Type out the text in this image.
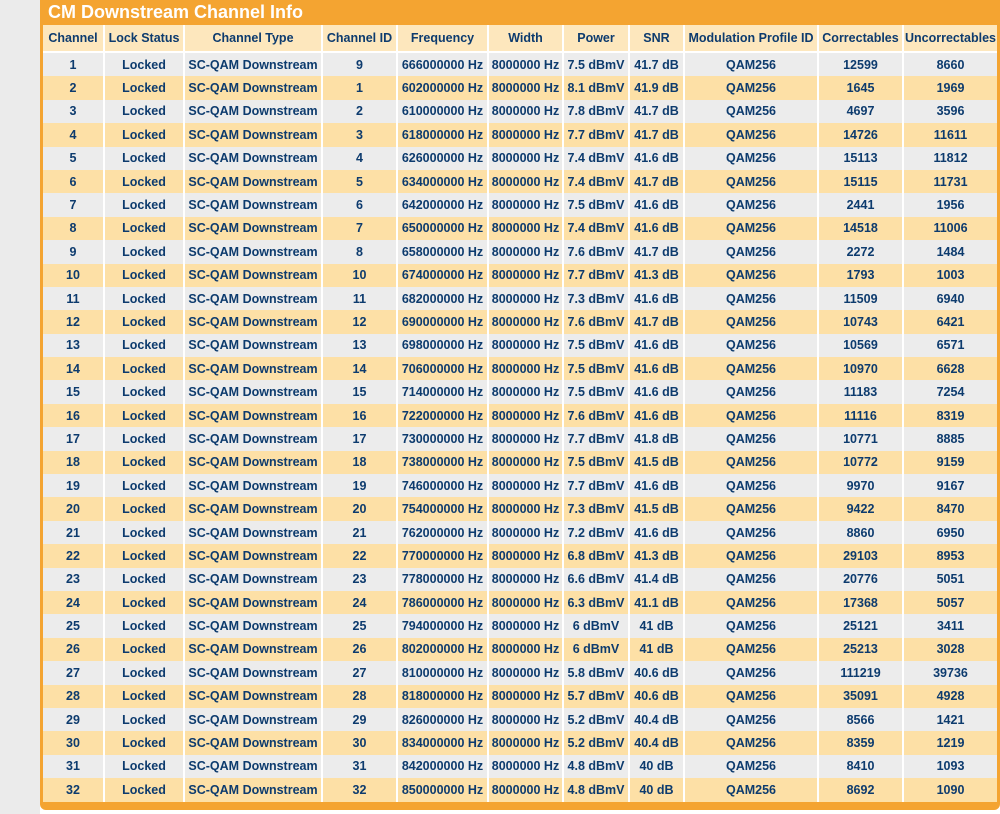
CM Downstream Channel Info
Channel	Lock Status	Channel Type	Channel ID	Frequency	Width	Power	SNR	Modulation Profile ID	Correctables	Uncorrectables
1	Locked	SC-QAM Downstream	9	666000000 Hz	8000000 Hz	7.5 dBmV	41.7 dB	QAM256	12599	8660
2	Locked	SC-QAM Downstream	1	602000000 Hz	8000000 Hz	8.1 dBmV	41.9 dB	QAM256	1645	1969
3	Locked	SC-QAM Downstream	2	610000000 Hz	8000000 Hz	7.8 dBmV	41.7 dB	QAM256	4697	3596
4	Locked	SC-QAM Downstream	3	618000000 Hz	8000000 Hz	7.7 dBmV	41.7 dB	QAM256	14726	11611
5	Locked	SC-QAM Downstream	4	626000000 Hz	8000000 Hz	7.4 dBmV	41.6 dB	QAM256	15113	11812
6	Locked	SC-QAM Downstream	5	634000000 Hz	8000000 Hz	7.4 dBmV	41.7 dB	QAM256	15115	11731
7	Locked	SC-QAM Downstream	6	642000000 Hz	8000000 Hz	7.5 dBmV	41.6 dB	QAM256	2441	1956
8	Locked	SC-QAM Downstream	7	650000000 Hz	8000000 Hz	7.4 dBmV	41.6 dB	QAM256	14518	11006
9	Locked	SC-QAM Downstream	8	658000000 Hz	8000000 Hz	7.6 dBmV	41.7 dB	QAM256	2272	1484
10	Locked	SC-QAM Downstream	10	674000000 Hz	8000000 Hz	7.7 dBmV	41.3 dB	QAM256	1793	1003
11	Locked	SC-QAM Downstream	11	682000000 Hz	8000000 Hz	7.3 dBmV	41.6 dB	QAM256	11509	6940
12	Locked	SC-QAM Downstream	12	690000000 Hz	8000000 Hz	7.6 dBmV	41.7 dB	QAM256	10743	6421
13	Locked	SC-QAM Downstream	13	698000000 Hz	8000000 Hz	7.5 dBmV	41.6 dB	QAM256	10569	6571
14	Locked	SC-QAM Downstream	14	706000000 Hz	8000000 Hz	7.5 dBmV	41.6 dB	QAM256	10970	6628
15	Locked	SC-QAM Downstream	15	714000000 Hz	8000000 Hz	7.5 dBmV	41.6 dB	QAM256	11183	7254
16	Locked	SC-QAM Downstream	16	722000000 Hz	8000000 Hz	7.6 dBmV	41.6 dB	QAM256	11116	8319
17	Locked	SC-QAM Downstream	17	730000000 Hz	8000000 Hz	7.7 dBmV	41.8 dB	QAM256	10771	8885
18	Locked	SC-QAM Downstream	18	738000000 Hz	8000000 Hz	7.5 dBmV	41.5 dB	QAM256	10772	9159
19	Locked	SC-QAM Downstream	19	746000000 Hz	8000000 Hz	7.7 dBmV	41.6 dB	QAM256	9970	9167
20	Locked	SC-QAM Downstream	20	754000000 Hz	8000000 Hz	7.3 dBmV	41.5 dB	QAM256	9422	8470
21	Locked	SC-QAM Downstream	21	762000000 Hz	8000000 Hz	7.2 dBmV	41.6 dB	QAM256	8860	6950
22	Locked	SC-QAM Downstream	22	770000000 Hz	8000000 Hz	6.8 dBmV	41.3 dB	QAM256	29103	8953
23	Locked	SC-QAM Downstream	23	778000000 Hz	8000000 Hz	6.6 dBmV	41.4 dB	QAM256	20776	5051
24	Locked	SC-QAM Downstream	24	786000000 Hz	8000000 Hz	6.3 dBmV	41.1 dB	QAM256	17368	5057
25	Locked	SC-QAM Downstream	25	794000000 Hz	8000000 Hz	6 dBmV	41 dB	QAM256	25121	3411
26	Locked	SC-QAM Downstream	26	802000000 Hz	8000000 Hz	6 dBmV	41 dB	QAM256	25213	3028
27	Locked	SC-QAM Downstream	27	810000000 Hz	8000000 Hz	5.8 dBmV	40.6 dB	QAM256	111219	39736
28	Locked	SC-QAM Downstream	28	818000000 Hz	8000000 Hz	5.7 dBmV	40.6 dB	QAM256	35091	4928
29	Locked	SC-QAM Downstream	29	826000000 Hz	8000000 Hz	5.2 dBmV	40.4 dB	QAM256	8566	1421
30	Locked	SC-QAM Downstream	30	834000000 Hz	8000000 Hz	5.2 dBmV	40.4 dB	QAM256	8359	1219
31	Locked	SC-QAM Downstream	31	842000000 Hz	8000000 Hz	4.8 dBmV	40 dB	QAM256	8410	1093
32	Locked	SC-QAM Downstream	32	850000000 Hz	8000000 Hz	4.8 dBmV	40 dB	QAM256	8692	1090
